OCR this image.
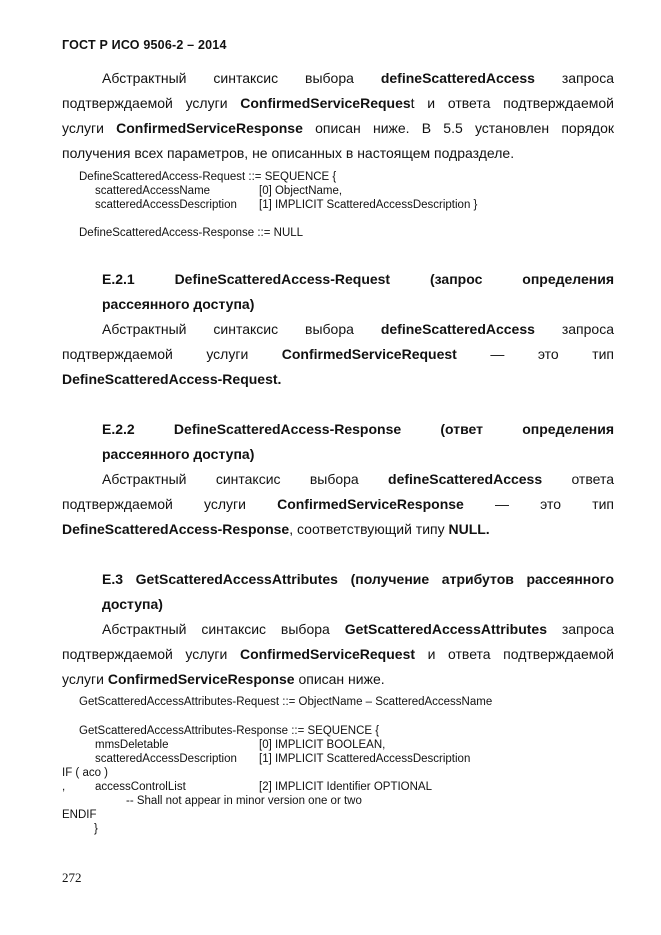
ГОСТ Р ИСО 9506-2 – 2014
Абстрактный синтаксис выбора defineScatteredAccess запроса
подтверждаемой услуги ConfirmedServiceRequest и ответа подтверждаемой
услуги ConfirmedServiceResponse описан ниже. В 5.5 установлен порядок
получения всех параметров, не описанных в настоящем подразделе.
DefineScatteredAccess-Request ::= SEQUENCE {
scatteredAccessName	[0] ObjectName,
scatteredAccessDescription [1] IMPLICIT ScatteredAccessDescription }
DefineScatteredAccess-Response ::= NULL
E.2.1 DefineScatteredAccess-Request	(запрос	определения
рассеянного доступа)
Абстрактный синтаксис выбора defineScatteredAccess запроса
подтверждаемой услуги ConfirmedServiceRequest — это тип
DefineScatteredAccess-Request.
E.2.2 DefineScatteredAccess-Response	(ответ	определения
рассеянного доступа)
Абстрактный синтаксис выбора defineScatteredAccess ответа
подтверждаемой услуги ConfirmedServiceResponse — это тип
DefineScatteredAccess-Response, соответствующий типу NULL.
E.3 GetScatteredAccessAttributes (получение атрибутов рассеянного
доступа)
Абстрактный синтаксис выбора GetScatteredAccessAttributes запроса
подтверждаемой услуги ConfirmedServiceRequest и ответа подтверждаемой
услуги ConfirmedServiceResponse описан ниже.
GetScatteredAccessAttributes-Request ::= ObjectName – ScatteredAccessName
GetScatteredAccessAttributes-Response ::= SEQUENCE {
mmsDeletable	[0] IMPLICIT BOOLEAN,
scatteredAccessDescription [1] IMPLICIT ScatteredAccessDescription
IF ( aco )
,	accessControlList	[2] IMPLICIT Identifier OPTIONAL
-- Shall not appear in minor version one or two
ENDIF
}
272
